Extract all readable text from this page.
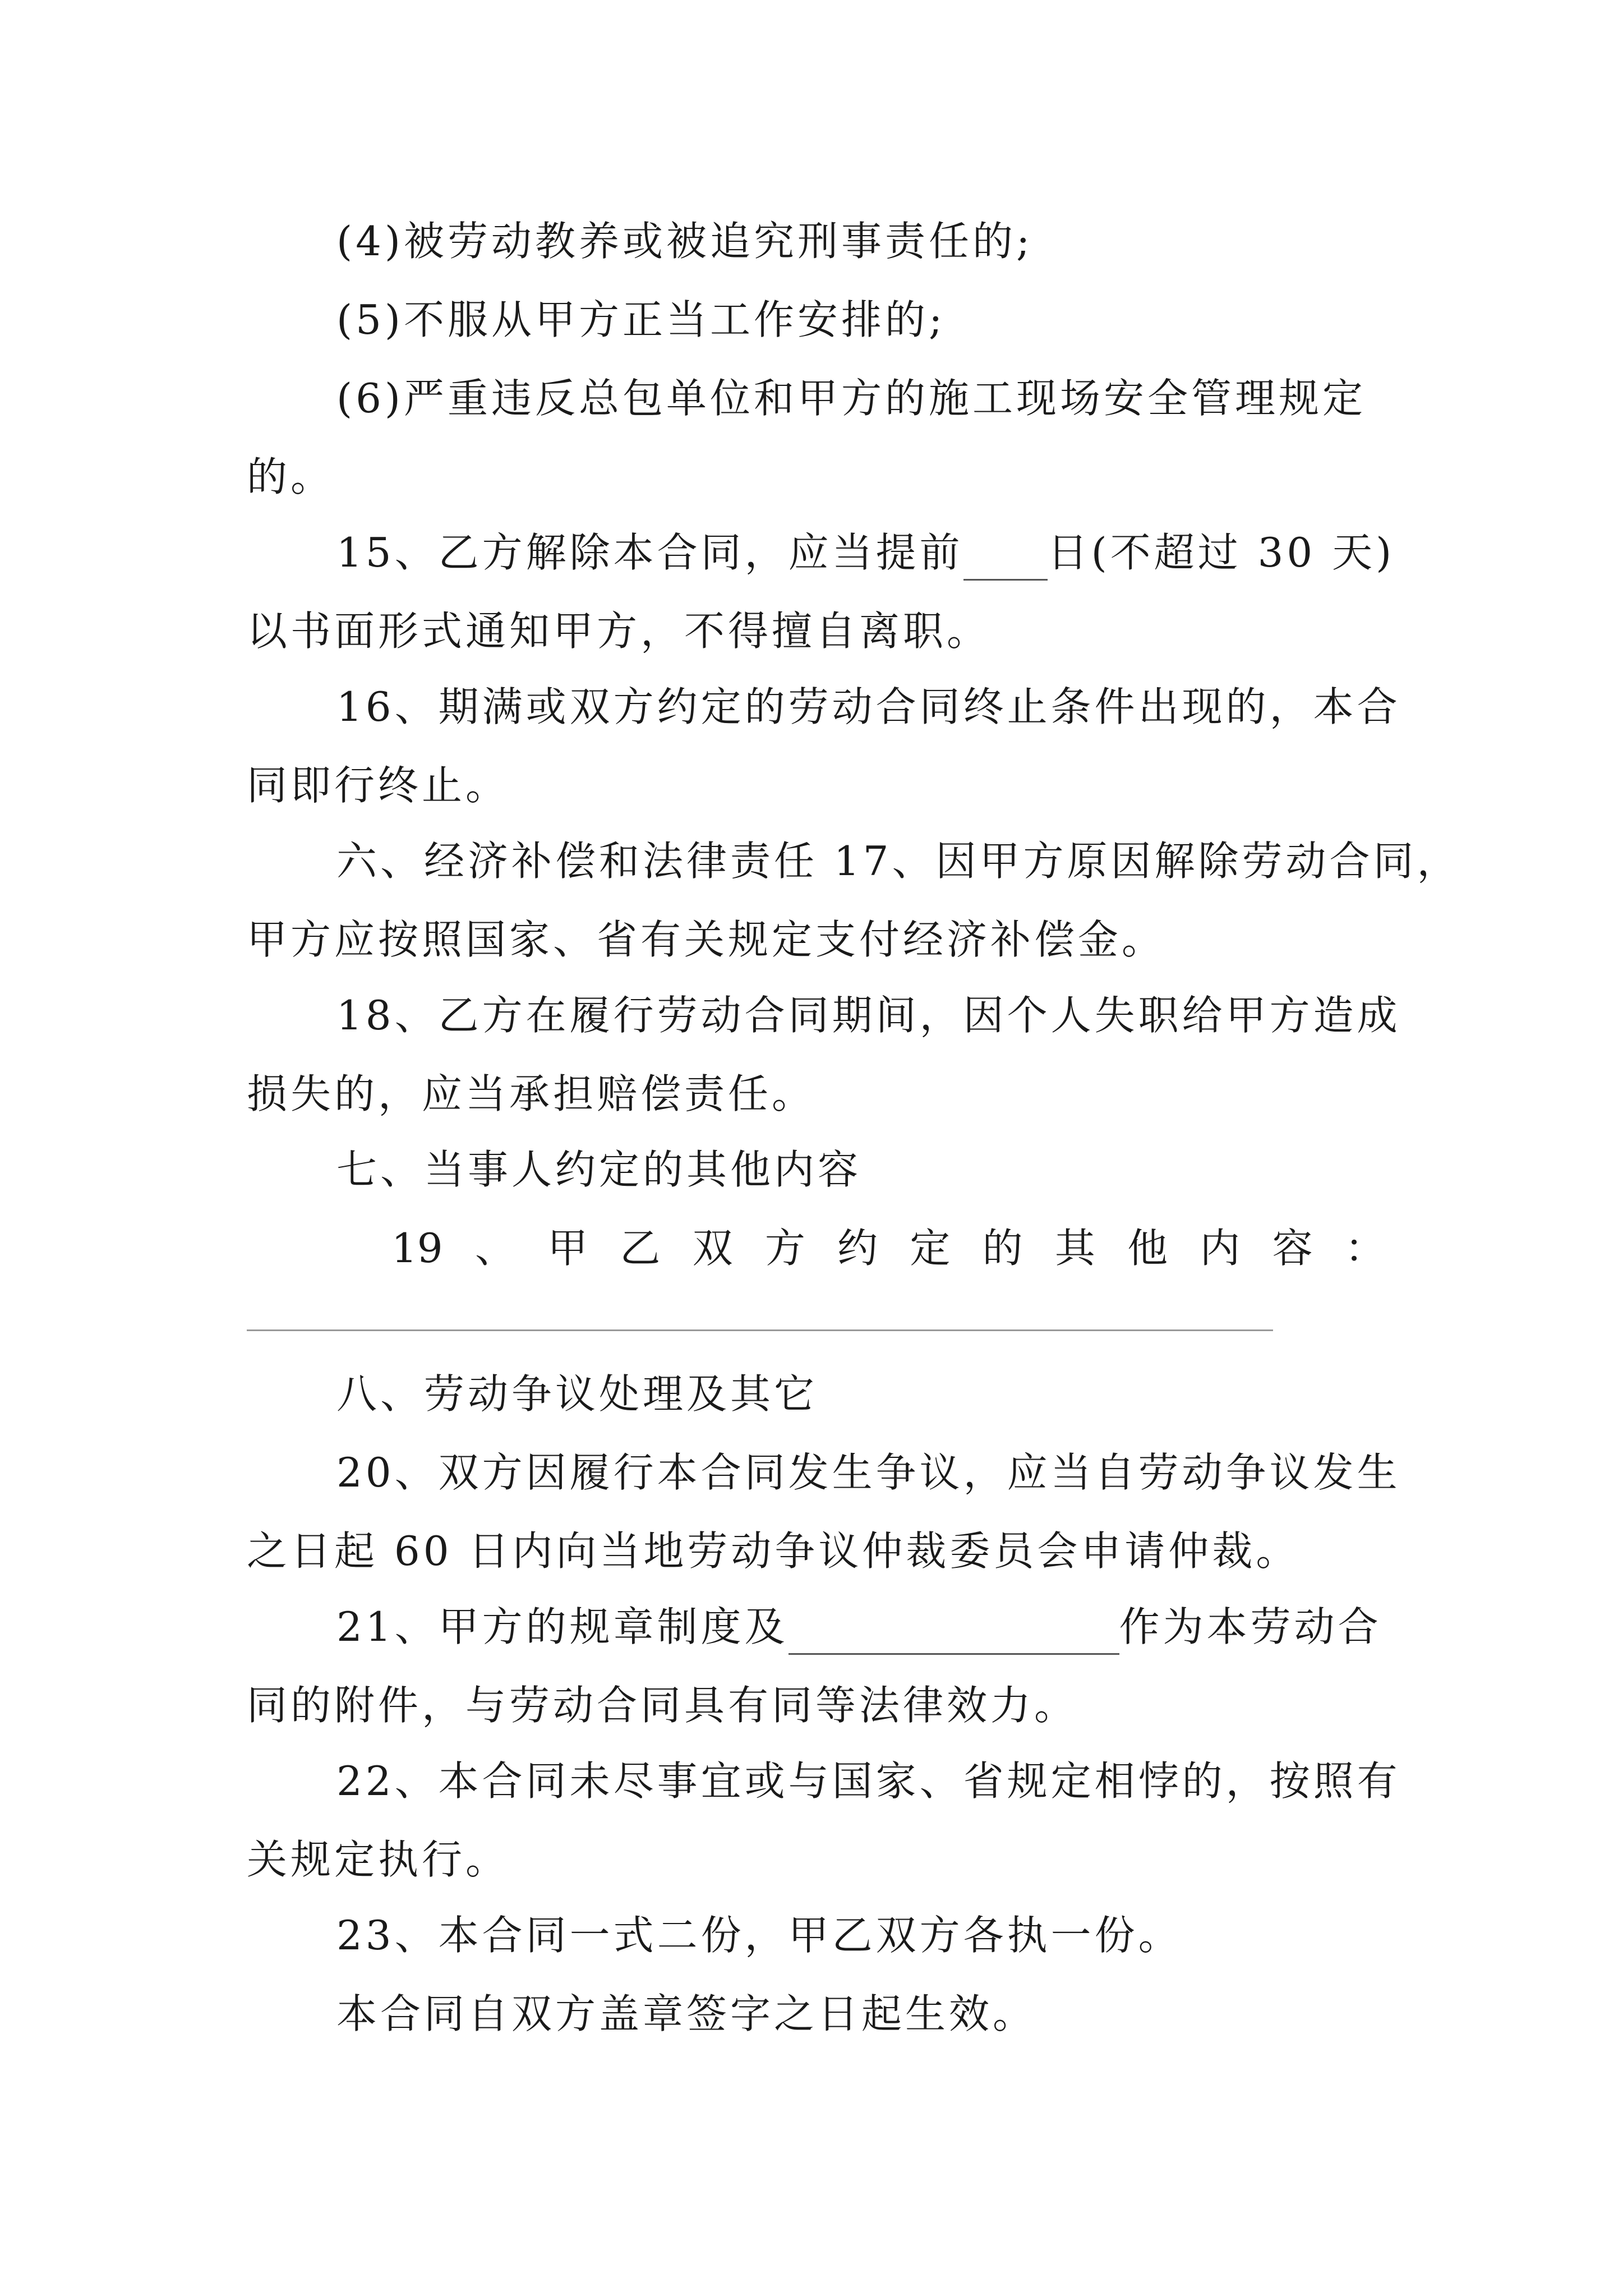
(4)被劳动教养或被追究刑事责任的;
(5)不服从甲方正当工作安排的;
(6)严重违反总包单位和甲方的施工现场安全管理规定
的。
15、乙方解除本合同，应当提前 日(不超过 30 天)
以书面形式通知甲方，不得擅自离职。
16、期满或双方约定的劳动合同终止条件出现的，本合
同即行终止。
六、经济补偿和法律责任 17、因甲方原因解除劳动合同，
甲方应按照国家、省有关规定支付经济补偿金。
18、乙方在履行劳动合同期间，因个人失职给甲方造成
损失的，应当承担赔偿责任。
七、当事人约定的其他内容
19 、 甲 乙 双 方 约 定 的 其 他 内 容 ：
八、劳动争议处理及其它
20、双方因履行本合同发生争议，应当自劳动争议发生
之日起 60 日内向当地劳动争议仲裁委员会申请仲裁。
21、甲方的规章制度及	作为本劳动合
同的附件，与劳动合同具有同等法律效力。
22、本合同未尽事宜或与国家、省规定相悖的，按照有
关规定执行。
23、本合同一式二份，甲乙双方各执一份。
本合同自双方盖章签字之日起生效。
